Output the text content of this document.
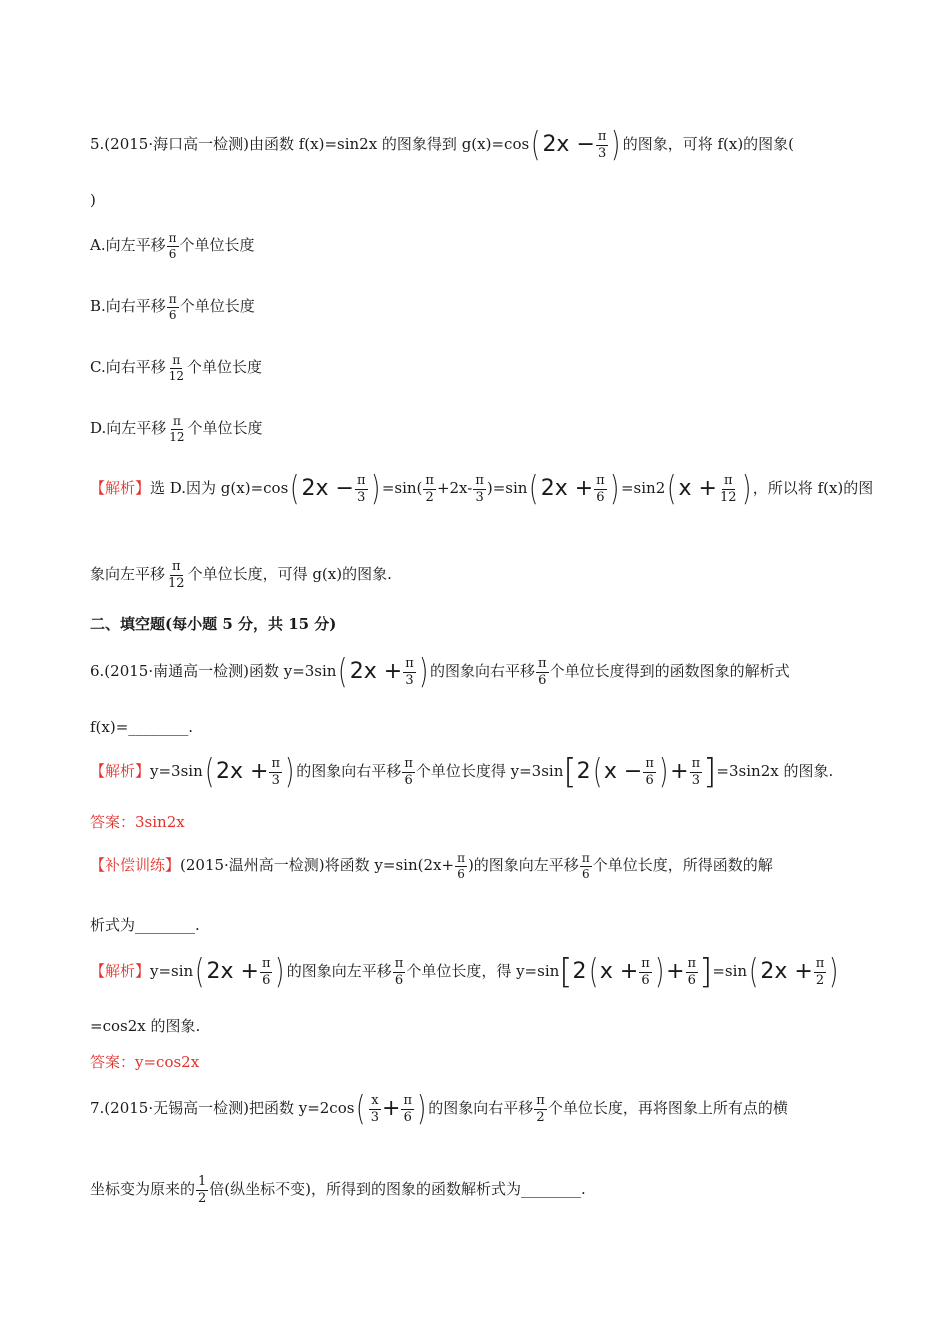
5.(2015·海口高一检测)由函数 f(x)=sin2x 的图象得到 $g(x)=\cos(2x - \frac{\pi}{3}$ ) 的图象，可将 f(x)的图象(
)
A.向左平移 $\frac{\pi}{6}$ 个单位长度
B.向右平移 $\frac{\pi}{6}$ 个单位长度
C.向右平移 $\frac{\pi}{12}$ 个单位长度
D.向左平移 $\frac{\pi}{12}$ 个单位长度
【解析】选 D.因为 $g(x)=\cos(2x - \frac{\pi}{3}$ ) $=\sin( \frac{\pi}{2} +2x- \frac{\pi}{3} )=\sin(2x + \frac{\pi}{6}$ ) $=\sin 2(x + \frac{\pi}{12}$ ) ，所以将 f(x)的图
象向左平移 $\frac{\pi}{12}$ 个单位长度，可得 g(x)的图象.
二、填空题(每小题 5 分，共 15 分)
6.(2015·南通高一检测)函数 $y=3\sin(2x + \frac{\pi}{3}$ ) 的图象向右平移 $\frac{\pi}{6}$ 个单位长度得到的函数图象的解析式
f(x)=________.
【解析】$y=3\sin(2x + \frac{\pi}{3}$ ) 的图象向右平移 $\frac{\pi}{6}$ 个单位长度得 $y=3\sin[2(x - \frac{\pi}{6}$ )+ $\frac{\pi}{3} ]=3\sin 2x$ 的图象.
答案：3sin2x
【补偿训练】(2015·温州高一检测)将函数 $y=\sin(2x+ \frac{\pi}{6}$ )的图象向左平移 $\frac{\pi}{6}$ 个单位长度，所得函数的解
析式为________.
【解析】$y=\sin(2x + \frac{\pi}{6}$ ) 的图象向左平移 $\frac{\pi}{6}$ 个单位长度，得 $y=\sin[2(x + \frac{\pi}{6}$ )+ $\frac{\pi}{6} ]=\sin(2x + \frac{\pi}{2}$ )
=cos2x 的图象.
答案：y=cos2x
7.(2015·无锡高一检测)把函数 $y=2\cos( \frac{x}{3} + \frac{\pi}{6}$ ) 的图象向右平移 $\frac{\pi}{2}$ 个单位长度，再将图象上所有点的横
坐标变为原来的 $\frac{1}{2}$ 倍(纵坐标不变)，所得到的图象的函数解析式为________.
